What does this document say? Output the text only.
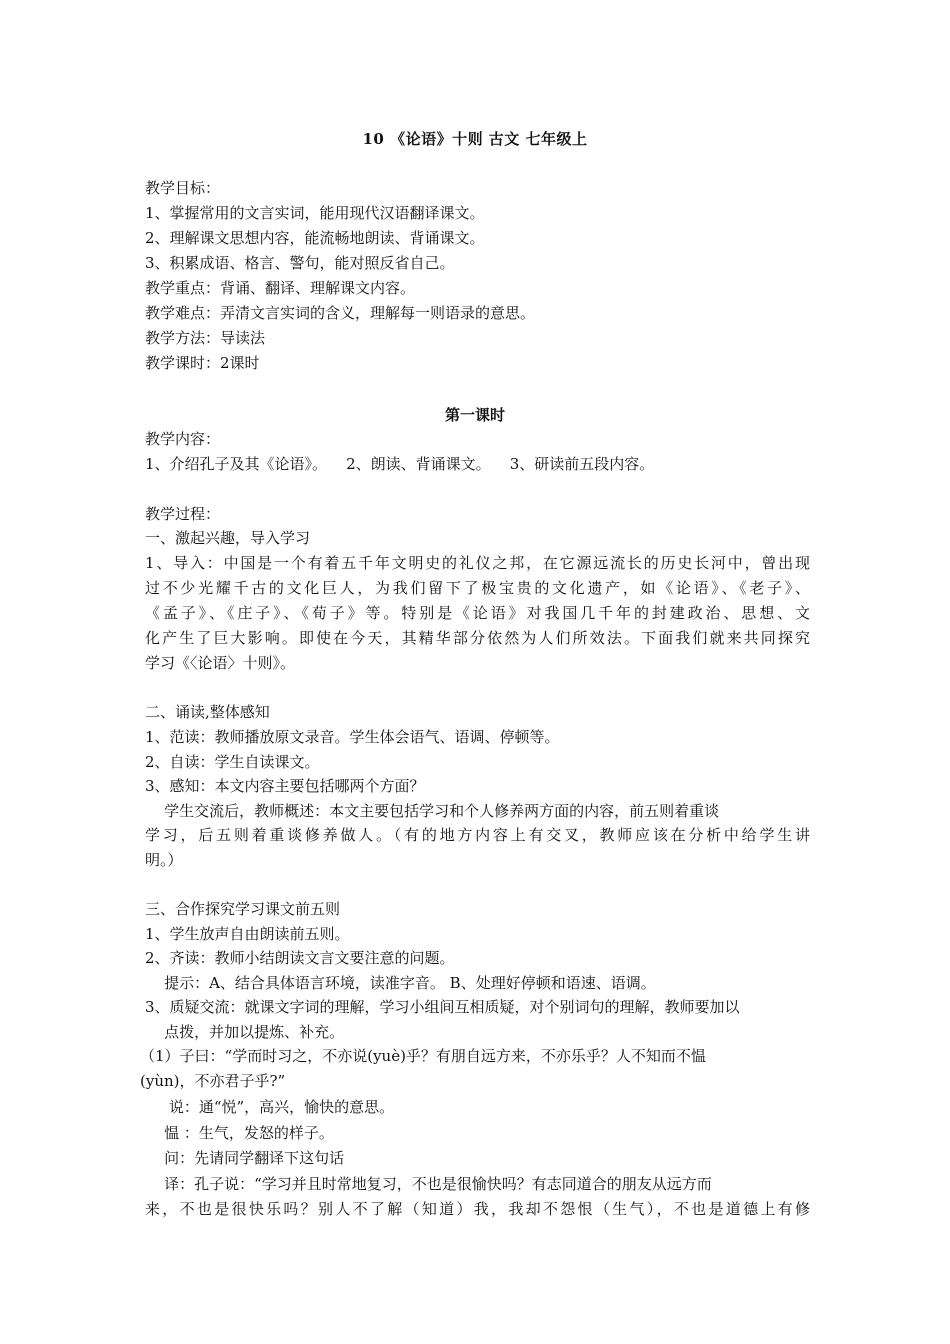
10 《论语》十则 古文 七年级上
教学目标：
1、掌握常用的文言实词，能用现代汉语翻译课文。
2、理解课文思想内容，能流畅地朗读、背诵课文。
3、积累成语、格言、警句，能对照反省自己。
教学重点：背诵、翻译、理解课文内容。
教学难点：弄清文言实词的含义，理解每一则语录的意思。
教学方法：导读法
教学课时：2课时
第一课时
教学内容：
1、介绍孔子及其《论语》。    2、朗读、背诵课文。    3、研读前五段内容。
教学过程：
一、激起兴趣，导入学习
1、导入：中国是一个有着五千年文明史的礼仪之邦，在它源远流长的历史长河中，曾出现
过不少光耀千古的文化巨人，为我们留下了极宝贵的文化遗产，如《论语》、《老子》、
《孟子》、《庄子》、《荀子》等。特别是《论语》对我国几千年的封建政治、思想、文
化产生了巨大影响。即使在今天，其精华部分依然为人们所效法。下面我们就来共同探究
学习《〈论语〉十则》。
二、诵读,整体感知
1、范读：教师播放原文录音。学生体会语气、语调、停顿等。
2、自读：学生自读课文。
3、感知：本文内容主要包括哪两个方面？
学生交流后，教师概述：本文主要包括学习和个人修养两方面的内容，前五则着重谈
学习，后五则着重谈修养做人。（有的地方内容上有交叉，教师应该在分析中给学生讲
明。）
三、合作探究学习课文前五则
1、学生放声自由朗读前五则。
2、齐读：教师小结朗读文言文要注意的问题。
提示：A、结合具体语言环境，读准字音。 B、处理好停顿和语速、语调。
3、质疑交流：就课文字词的理解，学习小组间互相质疑，对个别词句的理解，教师要加以
点拨，并加以提炼、补充。
（1）子曰：“学而时习之，不亦说(yuè)乎？有朋自远方来，不亦乐乎？人不知而不愠
(yùn)，不亦君子乎?”
说：通“悦”，高兴，愉快的意思。
愠 ：生气，发怒的样子。
问：先请同学翻译下这句话
译：孔子说：“学习并且时常地复习，不也是很愉快吗？有志同道合的朋友从远方而
来，不也是很快乐吗？别人不了解（知道）我，我却不怨恨（生气），不也是道德上有修
